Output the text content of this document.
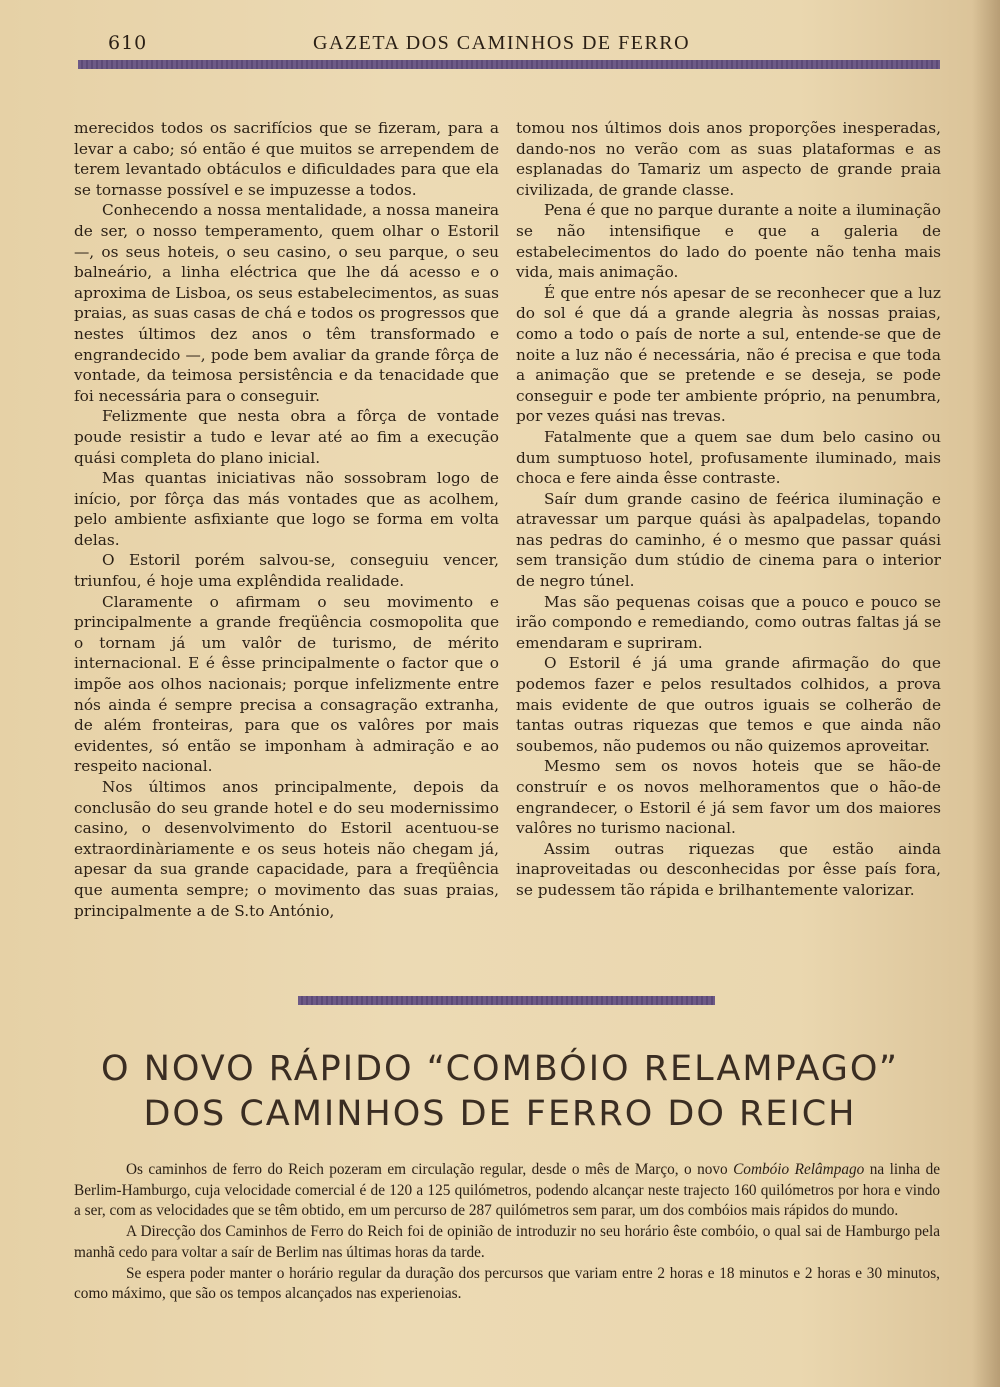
610	GAZETA DOS CAMINHOS DE FERRO

merecidos todos os sacrifícios que se fizeram, para a levar a cabo; só então é que muitos se arrependem de terem levantado obtáculos e dificuldades para que ela se tornasse possível e se impuzesse a todos.

Conhecendo a nossa mentalidade, a nossa maneira de ser, o nosso temperamento, quem olhar o Estoril —, os seus hoteis, o seu casino, o seu parque, o seu balneário, a linha eléctrica que lhe dá acesso e o aproxima de Lisboa, os seus estabelecimentos, as suas praias, as suas casas de chá e todos os progressos que nestes últimos dez anos o têm transformado e engrandecido —, pode bem avaliar da grande fôrça de vontade, da teimosa persistência e da tenacidade que foi necessária para o conseguir.

Felizmente que nesta obra a fôrça de vontade poude resistir a tudo e levar até ao fim a execução quási completa do plano inicial.

Mas quantas iniciativas não sossobram logo de início, por fôrça das más vontades que as acolhem, pelo ambiente asfixiante que logo se forma em volta delas.

O Estoril porém salvou-se, conseguiu vencer, triunfou, é hoje uma explêndida realidade.

Claramente o afirmam o seu movimento e principalmente a grande freqüência cosmopolita que o tornam já um valôr de turismo, de mérito internacional. E é êsse principalmente o factor que o impõe aos olhos nacionais; porque infelizmente entre nós ainda é sempre precisa a consagração extranha, de além fronteiras, para que os valôres por mais evidentes, só então se imponham à admiração e ao respeito nacional.

Nos últimos anos principalmente, depois da conclusão do seu grande hotel e do seu modernissimo casino, o desenvolvimento do Estoril acentuou-se extraordinàriamente e os seus hoteis não chegam já, apesar da sua grande capacidade, para a freqüência que aumenta sempre; o movimento das suas praias, principalmente a de S.to António,

tomou nos últimos dois anos proporções inesperadas, dando-nos no verão com as suas plataformas e as esplanadas do Tamariz um aspecto de grande praia civilizada, de grande classe.

Pena é que no parque durante a noite a iluminação se não intensifique e que a galeria de estabelecimentos do lado do poente não tenha mais vida, mais animação.

É que entre nós apesar de se reconhecer que a luz do sol é que dá a grande alegria às nossas praias, como a todo o país de norte a sul, entende-se que de noite a luz não é necessária, não é precisa e que toda a animação que se pretende e se deseja, se pode conseguir e pode ter ambiente próprio, na penumbra, por vezes quási nas trevas.

Fatalmente que a quem sae dum belo casino ou dum sumptuoso hotel, profusamente iluminado, mais choca e fere ainda êsse contraste.

Saír dum grande casino de feérica iluminação e atravessar um parque quási às apalpadelas, topando nas pedras do caminho, é o mesmo que passar quási sem transição dum stúdio de cinema para o interior de negro túnel.

Mas são pequenas coisas que a pouco e pouco se irão compondo e remediando, como outras faltas já se emendaram e supriram.

O Estoril é já uma grande afirmação do que podemos fazer e pelos resultados colhidos, a prova mais evidente de que outros iguais se colherão de tantas outras riquezas que temos e que ainda não soubemos, não pudemos ou não quizemos aproveitar.

Mesmo sem os novos hoteis que se hão-de construír e os novos melhoramentos que o hão-de engrandecer, o Estoril é já sem favor um dos maiores valôres no turismo nacional.

Assim outras riquezas que estão ainda inaproveitadas ou desconhecidas por êsse país fora, se pudessem tão rápida e brilhantemente valorizar.

O NOVO RÁPIDO “COMBÓIO RELAMPAGO”
DOS CAMINHOS DE FERRO DO REICH

Os caminhos de ferro do Reich pozeram em circulação regular, desde o mês de Março, o novo Combóio Relâmpago na linha de Berlim-Hamburgo, cuja velocidade comercial é de 120 a 125 quilómetros, podendo alcançar neste trajecto 160 quilómetros por hora e vindo a ser, com as velocidades que se têm obtido, em um percurso de 287 quilómetros sem parar, um dos combóios mais rápidos do mundo.

A Direcção dos Caminhos de Ferro do Reich foi de opinião de introduzir no seu horário êste combóio, o qual sai de Hamburgo pela manhã cedo para voltar a saír de Berlim nas últimas horas da tarde.

Se espera poder manter o horário regular da duração dos percursos que variam entre 2 horas e 18 minutos e 2 horas e 30 minutos, como máximo, que são os tempos alcançados nas experienoias.
